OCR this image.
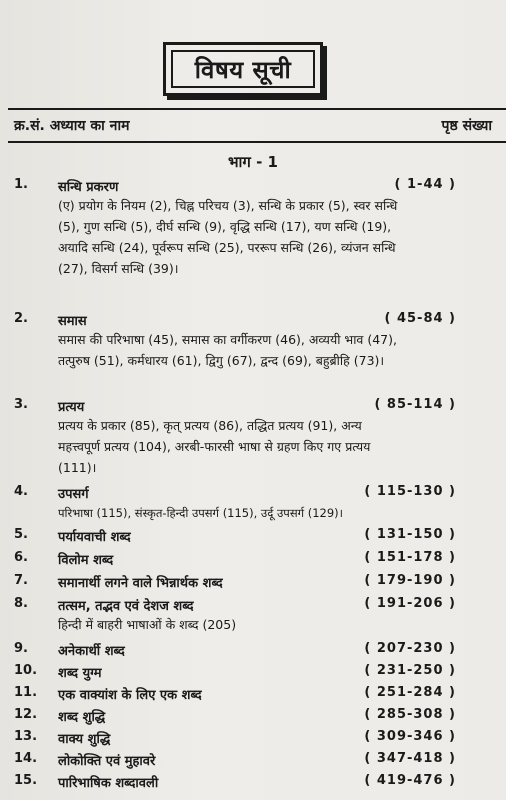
विषय सूची
क्र.सं. अध्याय का नाम	पृष्ठ संख्या
भाग - 1
1. सन्धि प्रकरण	( 1-44 )
(ए) प्रयोग के नियम (2), चिह्न परिचय (3), सन्धि के प्रकार (5), स्वर सन्धि (5), गुण सन्धि (5), दीर्घ सन्धि (9), वृद्धि सन्धि (17), यण सन्धि (19), अयादि सन्धि (24), पूर्वरूप सन्धि (25), पररूप सन्धि (26), व्यंजन सन्धि (27), विसर्ग सन्धि (39)।
2. समास	( 45-84 )
समास की परिभाषा (45), समास का वर्गीकरण (46), अव्ययी भाव (47), तत्पुरुष (51), कर्मधारय (61), द्विगु (67), द्वन्द (69), बहुब्रीहि (73)।
3. प्रत्यय	( 85-114 )
प्रत्यय के प्रकार (85), कृत् प्रत्यय (86), तद्धित प्रत्यय (91), अन्य महत्त्वपूर्ण प्रत्यय (104), अरबी-फारसी भाषा से ग्रहण किए गए प्रत्यय (111)।
4. उपसर्ग	( 115-130 )
परिभाषा (115), संस्कृत-हिन्दी उपसर्ग (115), उर्दू उपसर्ग (129)।
5. पर्यायवाची शब्द	( 131-150 )
6. विलोम शब्द	( 151-178 )
7. समानार्थी लगने वाले भिन्नार्थक शब्द	( 179-190 )
8. तत्सम, तद्भव एवं देशज शब्द	( 191-206 )
हिन्दी में बाहरी भाषाओं के शब्द (205)
9. अनेकार्थी शब्द	( 207-230 )
10. शब्द युग्म	( 231-250 )
11. एक वाक्यांश के लिए एक शब्द	( 251-284 )
12. शब्द शुद्धि	( 285-308 )
13. वाक्य शुद्धि	( 309-346 )
14. लोकोक्ति एवं मुहावरे	( 347-418 )
15. पारिभाषिक शब्दावली	( 419-476 )
